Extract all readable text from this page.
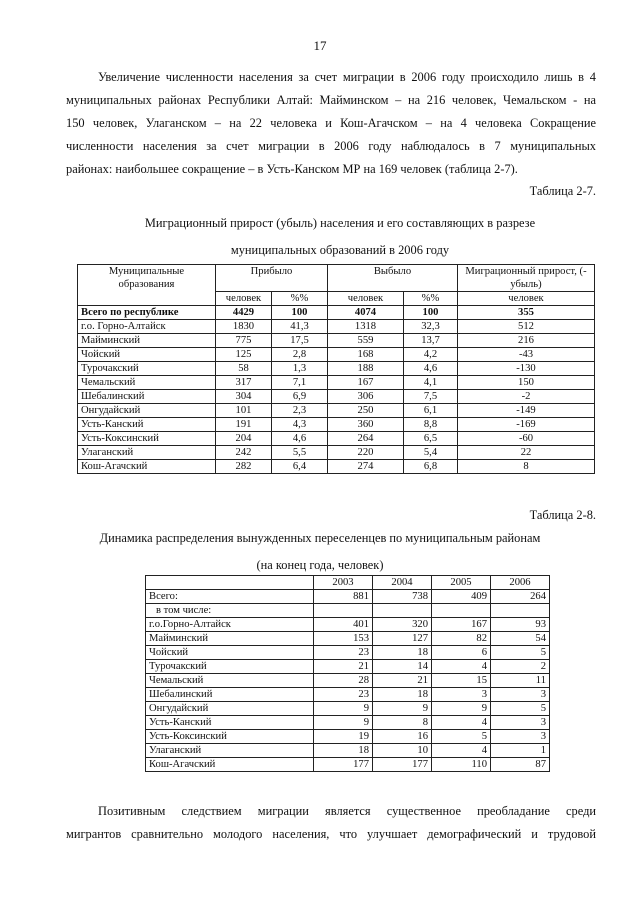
17
Увеличение численности населения за счет миграции в 2006 году происходило лишь в 4
муниципальных районах Республики Алтай: Майминском – на 216 человек, Чемальском - на
150 человек, Улаганском – на 22 человека и Кош-Агачском – на 4 человека Сокращение
численности населения за счет миграции в 2006 году наблюдалось в 7 муниципальных
районах: наибольшее сокращение – в Усть-Канском МР на 169 человек (таблица 2-7).
Таблица 2-7.
Миграционный прирост (убыль) населения и его составляющих в разрезе
муниципальных образований в 2006 году
Муниципальные образования	Прибыло		Выбыло		Миграционный прирост, (- убыль)
	человек	%%	человек	%%	человек
Всего по республике	4429	100	4074	100	355
г.о. Горно-Алтайск	1830	41,3	1318	32,3	512
Майминский	775	17,5	559	13,7	216
Чойский	125	2,8	168	4,2	-43
Турочакский	58	1,3	188	4,6	-130
Чемальский	317	7,1	167	4,1	150
Шебалинский	304	6,9	306	7,5	-2
Онгудайский	101	2,3	250	6,1	-149
Усть-Канский	191	4,3	360	8,8	-169
Усть-Коксинский	204	4,6	264	6,5	-60
Улаганский	242	5,5	220	5,4	22
Кош-Агачский	282	6,4	274	6,8	8
Таблица 2-8.
Динамика распределения вынужденных переселенцев по муниципальным районам
(на конец года, человек)
	2003	2004	2005	2006
Всего:	881	738	409	264
в том числе:				
г.о.Горно-Алтайск	401	320	167	93
Майминский	153	127	82	54
Чойский	23	18	6	5
Турочакский	21	14	4	2
Чемальский	28	21	15	11
Шебалинский	23	18	3	3
Онгудайский	9	9	9	5
Усть-Канский	9	8	4	3
Усть-Коксинский	19	16	5	3
Улаганский	18	10	4	1
Кош-Агачский	177	177	110	87
Позитивным следствием миграции является существенное преобладание среди
мигрантов сравнительно молодого населения, что улучшает демографический и трудовой
